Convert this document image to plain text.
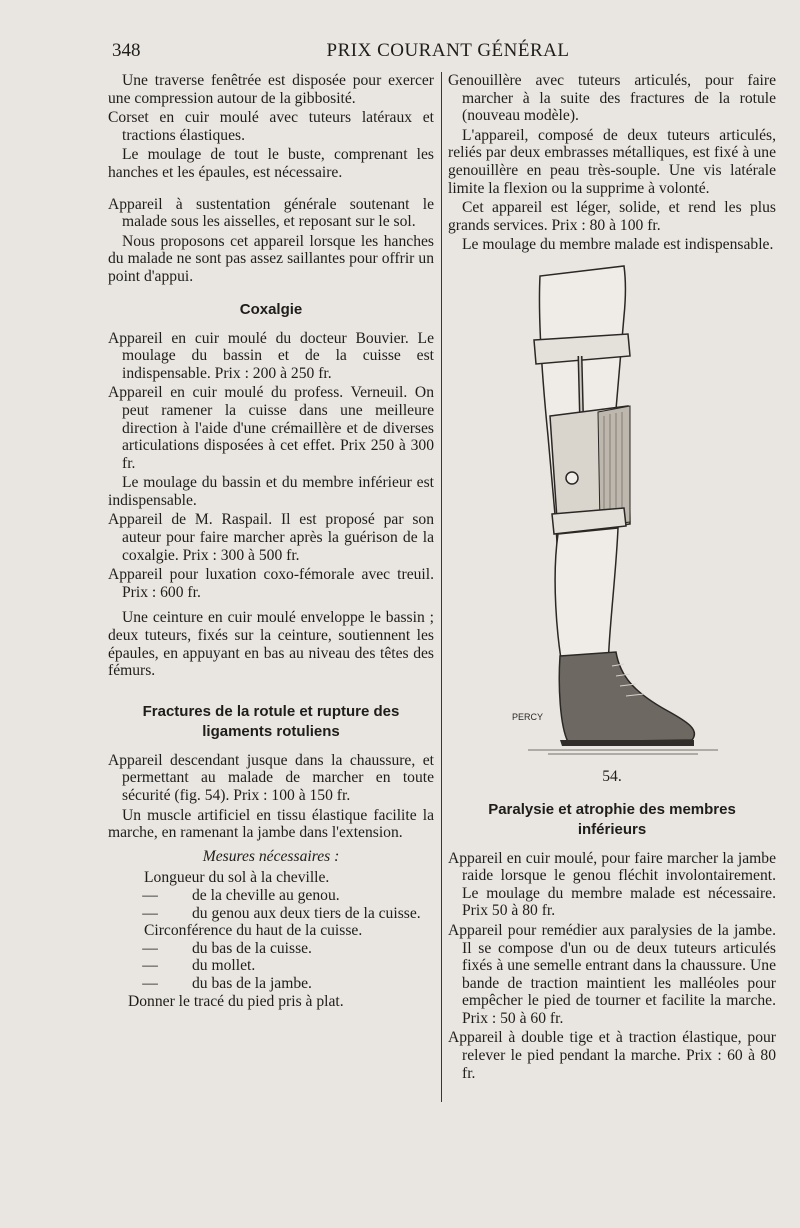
348	PRIX COURANT GÉNÉRAL

Une traverse fenêtrée est disposée pour exercer une compression autour de la gibbosité.

Corset en cuir moulé avec tuteurs latéraux et tractions élastiques.

Le moulage de tout le buste, comprenant les hanches et les épaules, est nécessaire.

Appareil à sustentation générale soutenant le malade sous les aisselles, et reposant sur le sol.

Nous proposons cet appareil lorsque les hanches du malade ne sont pas assez saillantes pour offrir un point d'appui.

Coxalgie

Appareil en cuir moulé du docteur Bouvier. Le moulage du bassin et de la cuisse est indispensable. Prix : 200 à 250 fr.

Appareil en cuir moulé du profess. Verneuil. On peut ramener la cuisse dans une meilleure direction à l'aide d'une crémaillère et de diverses articulations disposées à cet effet. Prix 250 à 300 fr.

Le moulage du bassin et du membre inférieur est indispensable.

Appareil de M. Raspail. Il est proposé par son auteur pour faire marcher après la guérison de la coxalgie. Prix : 300 à 500 fr.

Appareil pour luxation coxo-fémorale avec treuil. Prix : 600 fr.

Une ceinture en cuir moulé enveloppe le bassin ; deux tuteurs, fixés sur la ceinture, soutiennent les épaules, en appuyant en bas au niveau des têtes des fémurs.

Fractures de la rotule et rupture des ligaments rotuliens

Appareil descendant jusque dans la chaussure, et permettant au malade de marcher en toute sécurité (fig. 54). Prix : 100 à 150 fr.

Un muscle artificiel en tissu élastique facilite la marche, en ramenant la jambe dans l'extension.

Mesures nécessaires :

Longueur du sol à la cheville.
—	de la cheville au genou.
—	du genou aux deux tiers de la cuisse.
Circonférence du haut de la cuisse.
—	du bas de la cuisse.
—	du mollet.
—	du bas de la jambe.

Donner le tracé du pied pris à plat.

Genouillère avec tuteurs articulés, pour faire marcher à la suite des fractures de la rotule (nouveau modèle).

L'appareil, composé de deux tuteurs articulés, reliés par deux embrasses métalliques, est fixé à une genouillère en peau très-souple. Une vis latérale limite la flexion ou la supprime à volonté.

Cet appareil est léger, solide, et rend les plus grands services. Prix : 80 à 100 fr.

Le moulage du membre malade est indispensable.

PERCY

54.

Paralysie et atrophie des membres inférieurs

Appareil en cuir moulé, pour faire marcher la jambe raide lorsque le genou fléchit involontairement. Le moulage du membre malade est nécessaire. Prix 50 à 80 fr.

Appareil pour remédier aux paralysies de la jambe. Il se compose d'un ou de deux tuteurs articulés fixés à une semelle entrant dans la chaussure. Une bande de traction maintient les malléoles pour empêcher le pied de tourner et facilite la marche. Prix : 50 à 60 fr.

Appareil à double tige et à traction élastique, pour relever le pied pendant la marche. Prix : 60 à 80 fr.
